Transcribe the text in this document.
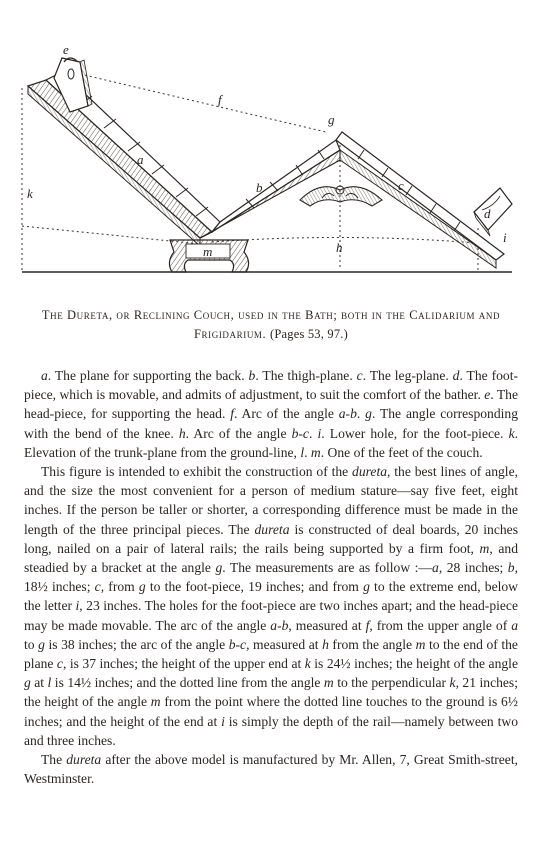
e
f
g
a
b	c
d
k
h
i
m
The Dureta, or Reclining Couch, used in the Bath; both in the Calidarium and Frigidarium. (Pages 53, 97.)

a. The plane for supporting the back. b. The thigh-plane. c. The leg-plane. d. The foot-piece, which is movable, and admits of adjustment, to suit the comfort of the bather. e. The head-piece, for supporting the head. f. Arc of the angle a-b. g. The angle corresponding with the bend of the knee. h. Arc of the angle b-c. i. Lower hole, for the foot-piece. k. Elevation of the trunk-plane from the ground-line, l. m. One of the feet of the couch.

This figure is intended to exhibit the construction of the dureta, the best lines of angle, and the size the most convenient for a person of medium stature—say five feet, eight inches. If the person be taller or shorter, a corresponding difference must be made in the length of the three principal pieces. The dureta is constructed of deal boards, 20 inches long, nailed on a pair of lateral rails; the rails being supported by a firm foot, m, and steadied by a bracket at the angle g. The measurements are as follow :—a, 28 inches; b, 18½ inches; c, from g to the foot-piece, 19 inches; and from g to the extreme end, below the letter i, 23 inches. The holes for the foot-piece are two inches apart; and the head-piece may be made movable. The arc of the angle a-b, measured at f, from the upper angle of a to g is 38 inches; the arc of the angle b-c, measured at h from the angle m to the end of the plane c, is 37 inches; the height of the upper end at k is 24½ inches; the height of the angle g at l is 14½ inches; and the dotted line from the angle m to the perpendicular k, 21 inches; the height of the angle m from the point where the dotted line touches to the ground is 6½ inches; and the height of the end at i is simply the depth of the rail—namely between two and three inches.

The dureta after the above model is manufactured by Mr. Allen, 7, Great Smith-street, Westminster.
